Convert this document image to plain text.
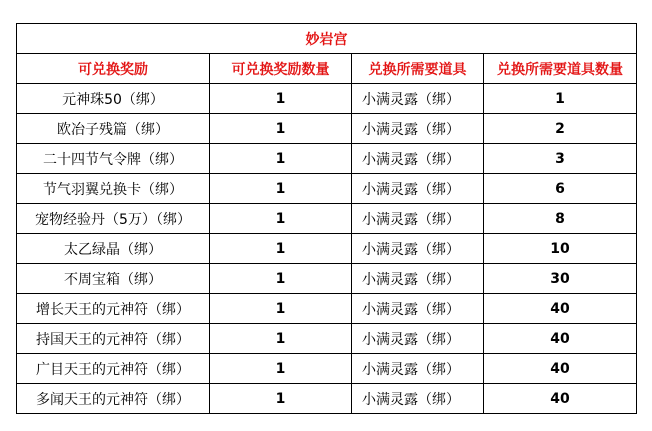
妙岩宫			
可兑换奖励	可兑换奖励数量	兑换所需要道具	兑换所需要道具数量
元神珠50（绑）	1	小满灵露（绑）	1
欧冶子残篇（绑）	1	小满灵露（绑）	2
二十四节气令牌（绑）	1	小满灵露（绑）	3
节气羽翼兑换卡（绑）	1	小满灵露（绑）	6
宠物经验丹（5万）（绑）	1	小满灵露（绑）	8
太乙绿晶（绑）	1	小满灵露（绑）	10
不周宝箱（绑）	1	小满灵露（绑）	30
增长天王的元神符（绑）	1	小满灵露（绑）	40
持国天王的元神符（绑）	1	小满灵露（绑）	40
广目天王的元神符（绑）	1	小满灵露（绑）	40
多闻天王的元神符（绑）	1	小满灵露（绑）	40
